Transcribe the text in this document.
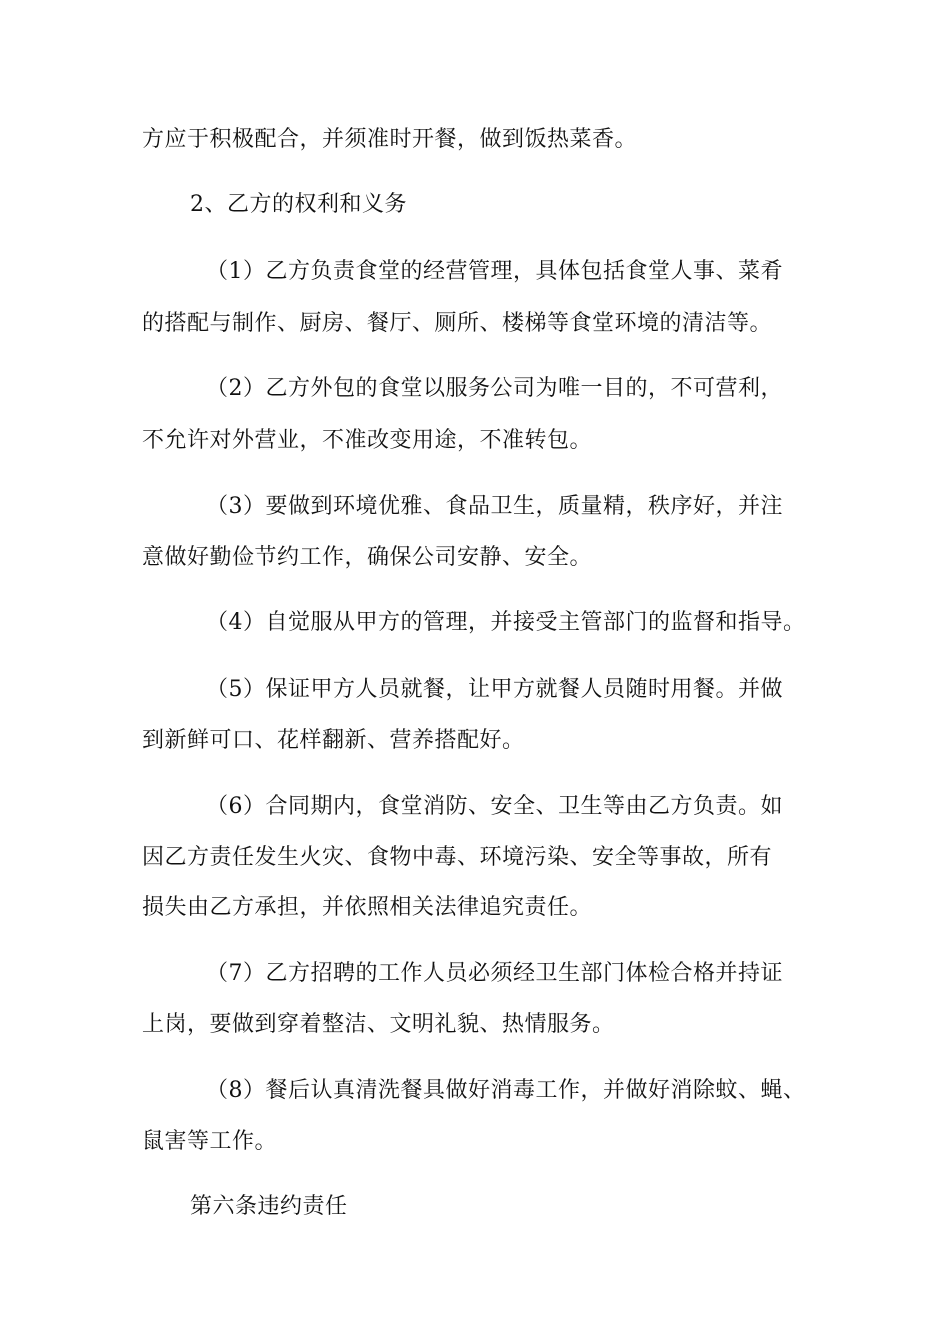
方应于积极配合，并须准时开餐，做到饭热菜香。
2、乙方的权利和义务
（1）乙方负责食堂的经营管理，具体包括食堂人事、菜肴
的搭配与制作、厨房、餐厅、厕所、楼梯等食堂环境的清洁等。
（2）乙方外包的食堂以服务公司为唯一目的，不可营利，
不允许对外营业，不准改变用途，不准转包。
（3）要做到环境优雅、食品卫生，质量精，秩序好，并注
意做好勤俭节约工作，确保公司安静、安全。
（4）自觉服从甲方的管理，并接受主管部门的监督和指导。
（5）保证甲方人员就餐，让甲方就餐人员随时用餐。并做
到新鲜可口、花样翻新、营养搭配好。
（6）合同期内，食堂消防、安全、卫生等由乙方负责。如
因乙方责任发生火灾、食物中毒、环境污染、安全等事故，所有
损失由乙方承担，并依照相关法律追究责任。
（7）乙方招聘的工作人员必须经卫生部门体检合格并持证
上岗，要做到穿着整洁、文明礼貌、热情服务。
（8）餐后认真清洗餐具做好消毒工作，并做好消除蚊、蝇、
鼠害等工作。
第六条违约责任
